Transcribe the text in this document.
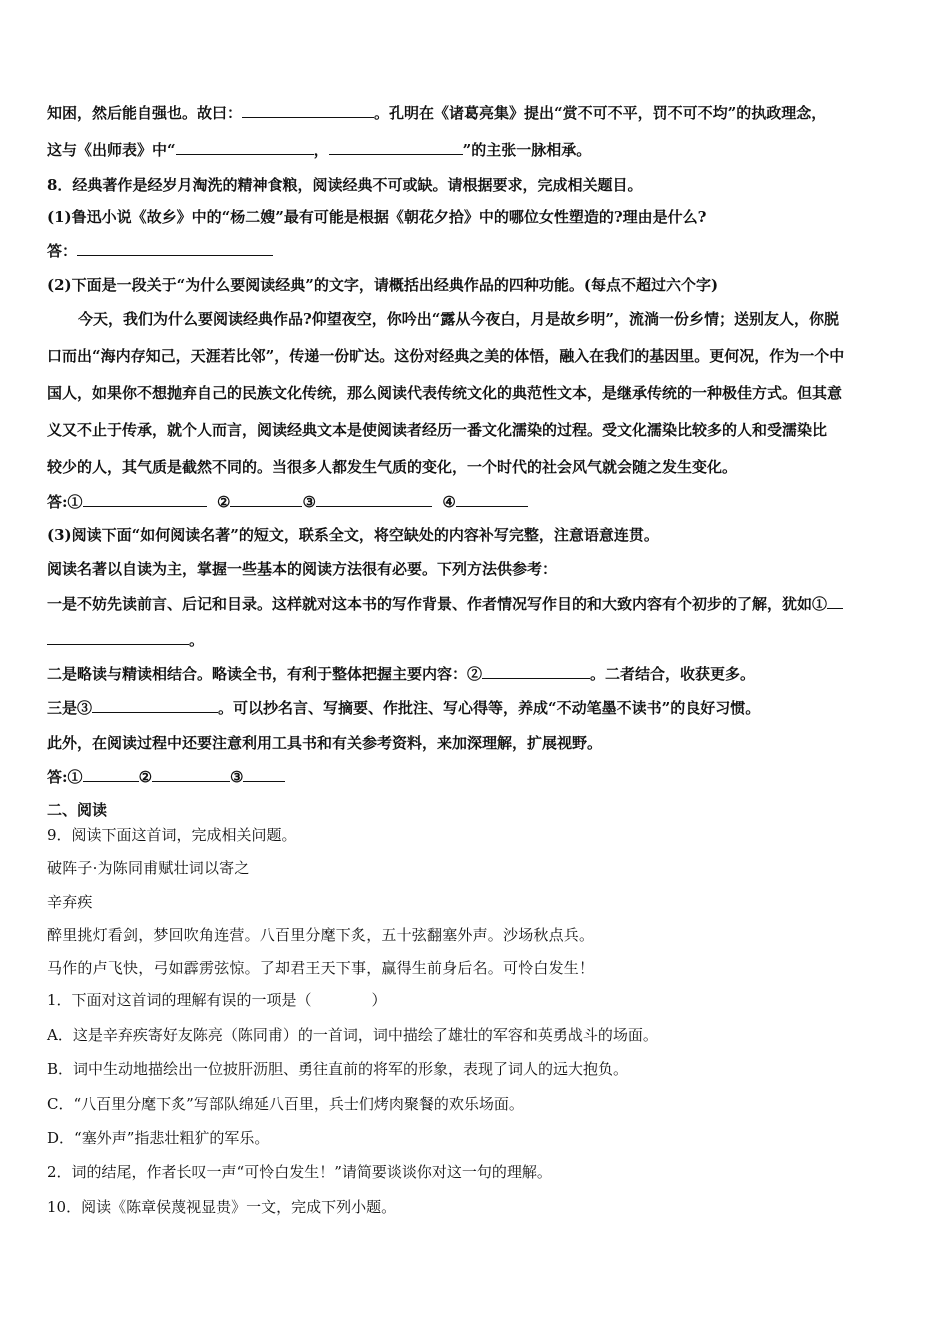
知困，然后能自强也。故曰：	。孔明在《诸葛亮集》提出“赏不可不平，罚不可不均”的执政理念，
这与《出师表》中“	，	”的主张一脉相承。
8．经典著作是经岁月淘洗的精神食粮，阅读经典不可或缺。请根据要求，完成相关题目。
(1)鲁迅小说《故乡》中的“杨二嫂”最有可能是根据《朝花夕拾》中的哪位女性塑造的?理由是什么?
答：
(2)下面是一段关于“为什么要阅读经典”的文字，请概括出经典作品的四种功能。(每点不超过六个字)
今天，我们为什么要阅读经典作品?仰望夜空，你吟出“露从今夜白，月是故乡明”，流淌一份乡情；送别友人，你脱
口而出“海内存知己，天涯若比邻”，传递一份旷达。这份对经典之美的体悟，融入在我们的基因里。更何况，作为一个中
国人，如果你不想抛弃自己的民族文化传统，那么阅读代表传统文化的典范性文本，是继承传统的一种极佳方式。但其意
义又不止于传承，就个人而言，阅读经典文本是使阅读者经历一番文化濡染的过程。受文化濡染比较多的人和受濡染比
较少的人，其气质是截然不同的。当很多人都发生气质的变化，一个时代的社会风气就会随之发生变化。
答:①	②	③	④
(3)阅读下面“如何阅读名著”的短文，联系全文，将空缺处的内容补写完整，注意语意连贯。
阅读名著以自读为主，掌握一些基本的阅读方法很有必要。下列方法供参考：
一是不妨先读前言、后记和目录。这样就对这本书的写作背景、作者情况写作目的和大致内容有个初步的了解，犹如①
。
二是略读与精读相结合。略读全书，有利于整体把握主要内容：②	。二者结合，收获更多。
三是③	。可以抄名言、写摘要、作批注、写心得等，养成“不动笔墨不读书”的良好习惯。
此外，在阅读过程中还要注意利用工具书和有关参考资料，来加深理解，扩展视野。
答:①	②	③
二、阅读
9．阅读下面这首词，完成相关问题。
破阵子·为陈同甫赋壮词以寄之
辛弃疾
醉里挑灯看剑，梦回吹角连营。八百里分麾下炙，五十弦翻塞外声。沙场秋点兵。
马作的卢飞快，弓如霹雳弦惊。了却君王天下事，赢得生前身后名。可怜白发生！
1．下面对这首词的理解有误的一项是（　　　　）
A．这是辛弃疾寄好友陈亮（陈同甫）的一首词，词中描绘了雄壮的军容和英勇战斗的场面。
B．词中生动地描绘出一位披肝沥胆、勇往直前的将军的形象，表现了词人的远大抱负。
C．“八百里分麾下炙”写部队绵延八百里，兵士们烤肉聚餐的欢乐场面。
D．“塞外声”指悲壮粗犷的军乐。
2．词的结尾，作者长叹一声“可怜白发生！”请简要谈谈你对这一句的理解。
10．阅读《陈章侯蔑视显贵》一文，完成下列小题。
